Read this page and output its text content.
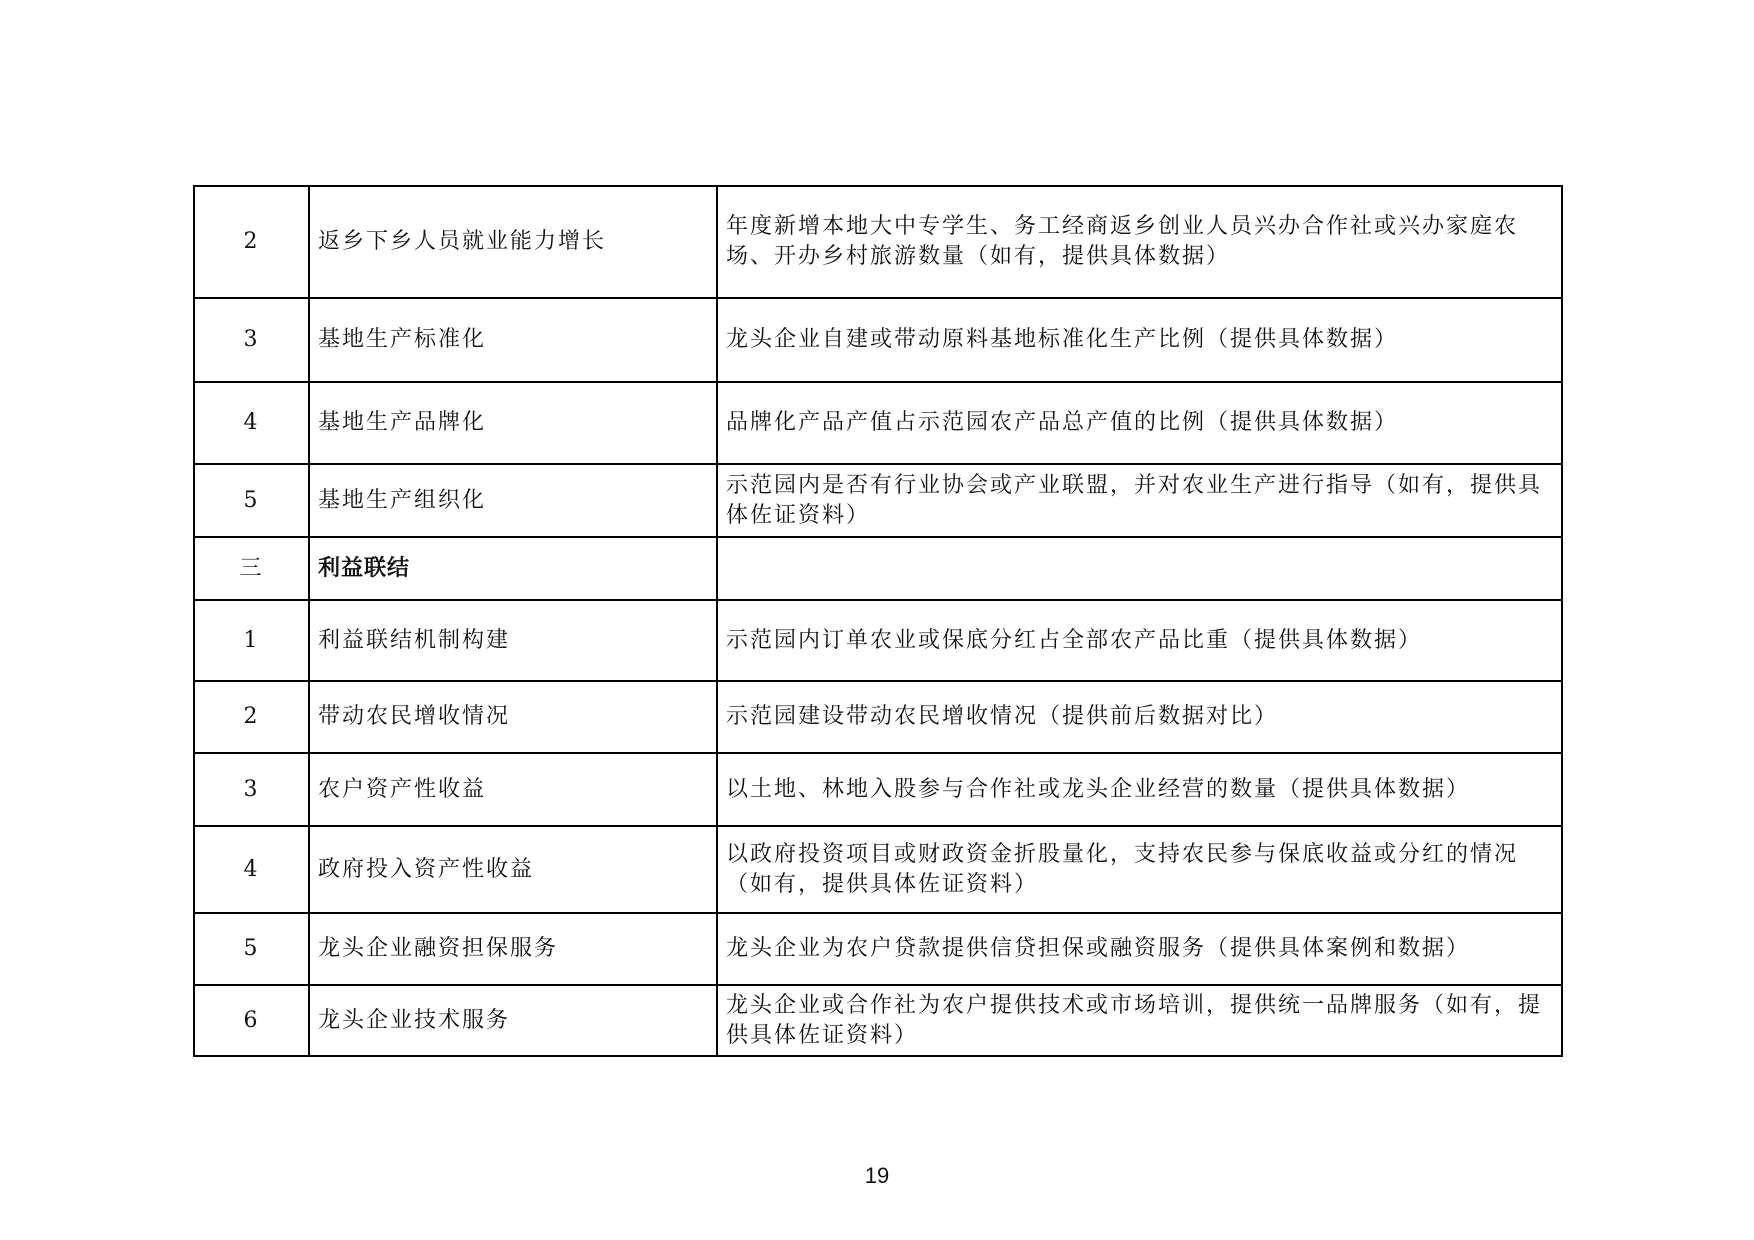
2	返乡下乡人员就业能力增长	年度新增本地大中专学生、务工经商返乡创业人员兴办合作社或兴办家庭农场、开办乡村旅游数量（如有，提供具体数据）
3	基地生产标准化	龙头企业自建或带动原料基地标准化生产比例（提供具体数据）
4	基地生产品牌化	品牌化产品产值占示范园农产品总产值的比例（提供具体数据）
5	基地生产组织化	示范园内是否有行业协会或产业联盟，并对农业生产进行指导（如有，提供具体佐证资料）
三	利益联结	
1	利益联结机制构建	示范园内订单农业或保底分红占全部农产品比重（提供具体数据）
2	带动农民增收情况	示范园建设带动农民增收情况（提供前后数据对比）
3	农户资产性收益	以土地、林地入股参与合作社或龙头企业经营的数量（提供具体数据）
4	政府投入资产性收益	以政府投资项目或财政资金折股量化，支持农民参与保底收益或分红的情况（如有，提供具体佐证资料）
5	龙头企业融资担保服务	龙头企业为农户贷款提供信贷担保或融资服务（提供具体案例和数据）
6	龙头企业技术服务	龙头企业或合作社为农户提供技术或市场培训，提供统一品牌服务（如有，提供具体佐证资料）
19
